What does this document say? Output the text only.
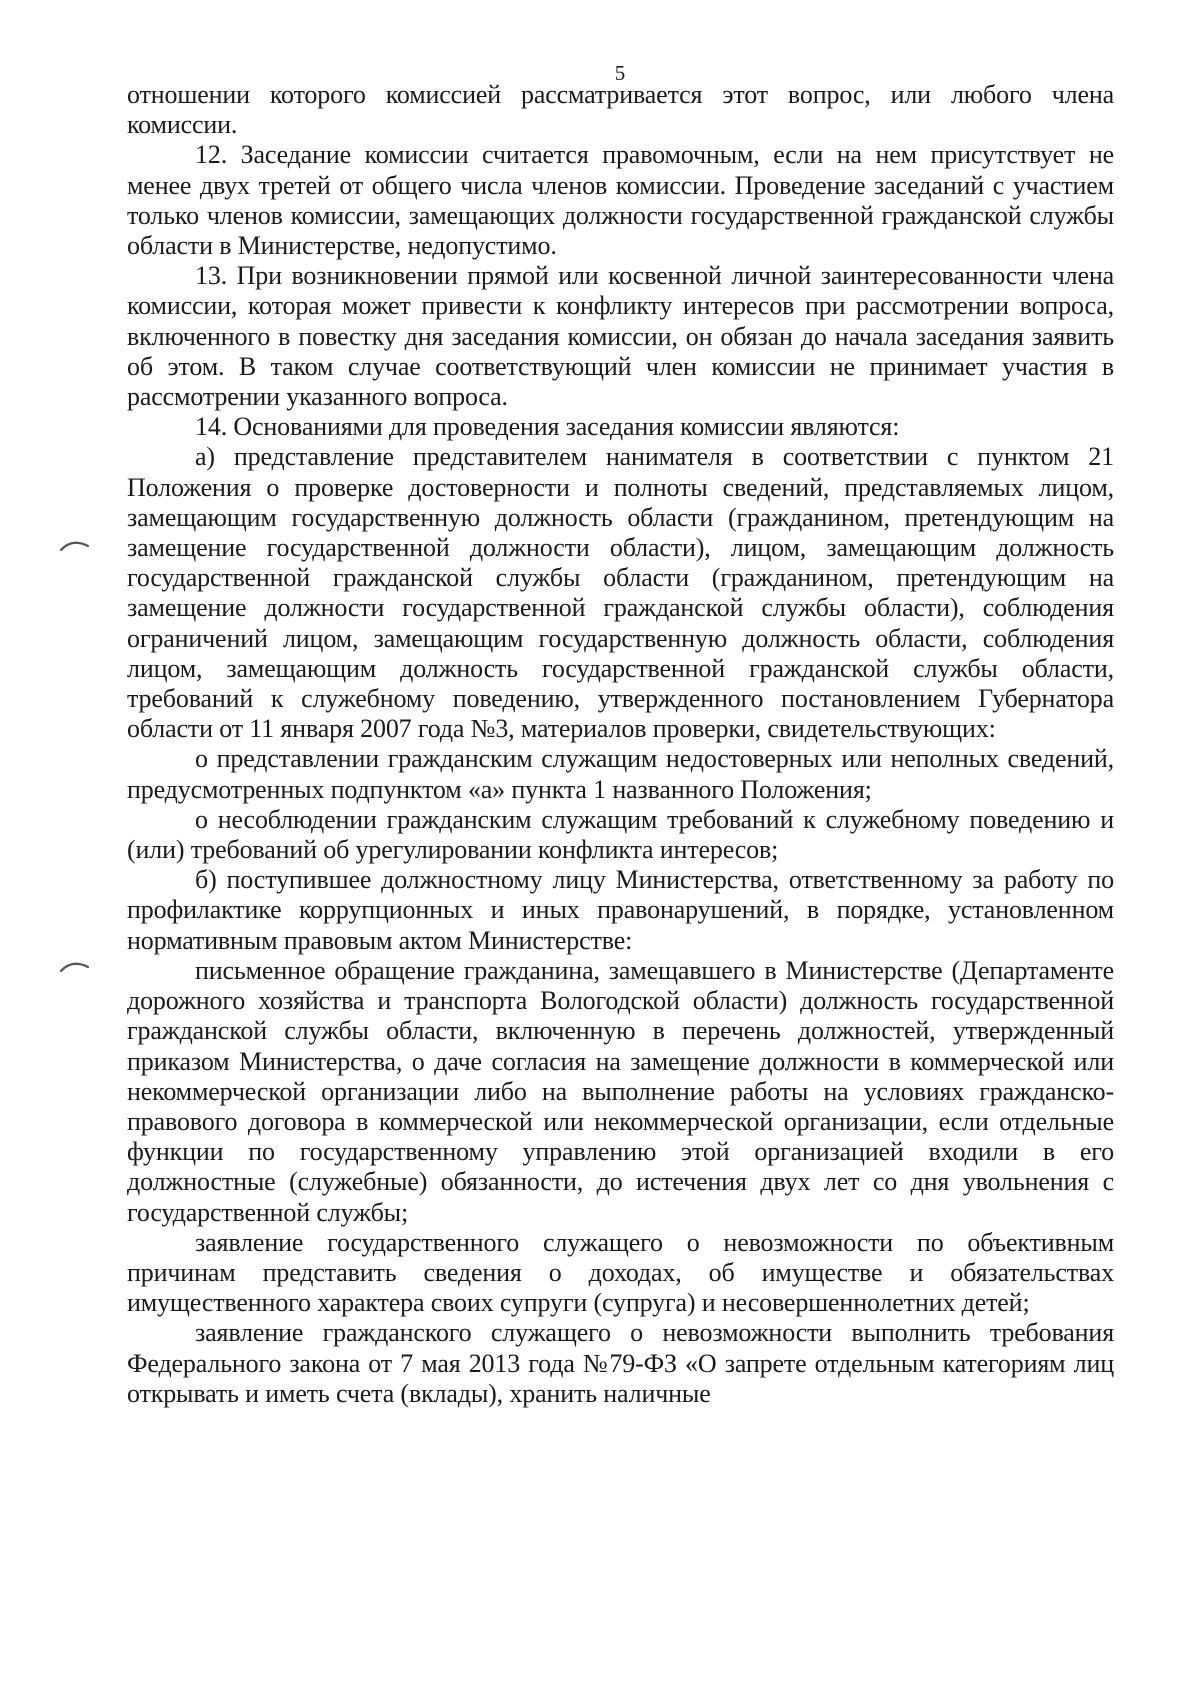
5

отношении которого комиссией рассматривается этот вопрос, или любого члена комиссии.

12. Заседание комиссии считается правомочным, если на нем присутствует не менее двух третей от общего числа членов комиссии. Проведение заседаний с участием только членов комиссии, замещающих должности государственной гражданской службы области в Министерстве, недопустимо.

13. При возникновении прямой или косвенной личной заинтересованности члена комиссии, которая может привести к конфликту интересов при рассмотрении вопроса, включенного в повестку дня заседания комиссии, он обязан до начала заседания заявить об этом. В таком случае соответствующий член комиссии не принимает участия в рассмотрении указанного вопроса.

14. Основаниями для проведения заседания комиссии являются:

а) представление представителем нанимателя в соответствии с пунктом 21 Положения о проверке достоверности и полноты сведений, представляемых лицом, замещающим государственную должность области (гражданином, претендующим на замещение государственной должности области), лицом, замещающим должность государственной гражданской службы области (гражданином, претендующим на замещение должности государственной гражданской службы области), соблюдения ограничений лицом, замещающим государственную должность области, соблюдения лицом, замещающим должность государственной гражданской службы области, требований к служебному поведению, утвержденного постановлением Губернатора области от 11 января 2007 года №3, материалов проверки, свидетельствующих:

о представлении гражданским служащим недостоверных или неполных сведений, предусмотренных подпунктом «а» пункта 1 названного Положения;

о несоблюдении гражданским служащим требований к служебному поведению и (или) требований об урегулировании конфликта интересов;

б) поступившее должностному лицу Министерства, ответственному за работу по профилактике коррупционных и иных правонарушений, в порядке, установленном нормативным правовым актом Министерстве:

письменное обращение гражданина, замещавшего в Министерстве (Департаменте дорожного хозяйства и транспорта Вологодской области) должность государственной гражданской службы области, включенную в перечень должностей, утвержденный приказом Министерства, о даче согласия на замещение должности в коммерческой или некоммерческой организации либо на выполнение работы на условиях гражданско-правового договора в коммерческой или некоммерческой организации, если отдельные функции по государственному управлению этой организацией входили в его должностные (служебные) обязанности, до истечения двух лет со дня увольнения с государственной службы;

заявление государственного служащего о невозможности по объективным причинам представить сведения о доходах, об имуществе и обязательствах имущественного характера своих супруги (супруга) и несовершеннолетних детей;

заявление гражданского служащего о невозможности выполнить требования Федерального закона от 7 мая 2013 года №79-ФЗ «О запрете отдельным категориям лиц открывать и иметь счета (вклады), хранить наличные
